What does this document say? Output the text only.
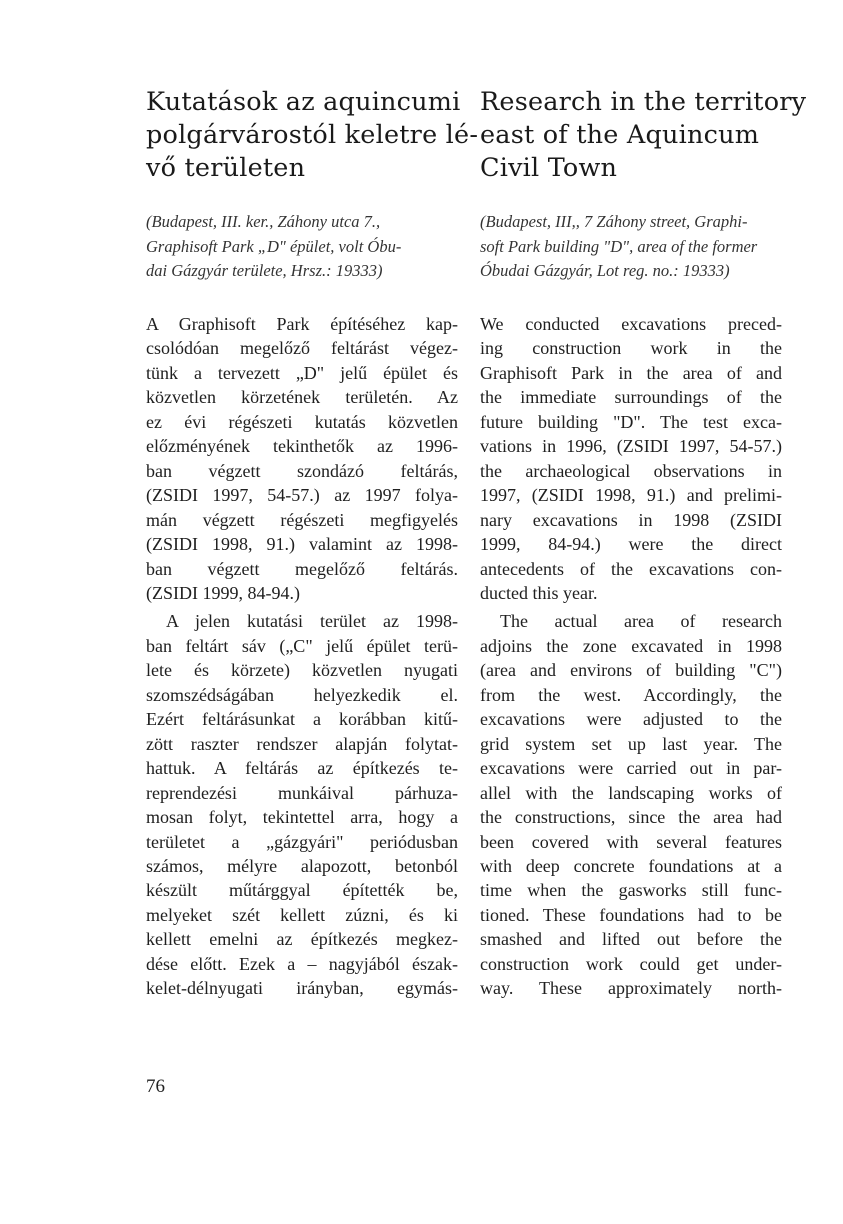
Kutatások az aquincumi
polgárvárostól keletre lé-
vő területen

(Budapest, III. ker., Záhony utca 7.,
Graphisoft Park „D" épület, volt Óbu-
dai Gázgyár területe, Hrsz.: 19333)

A Graphisoft Park építéséhez kap-
csolódóan megelőző feltárást végez-
tünk a tervezett „D" jelű épület és
közvetlen körzetének területén. Az
ez évi régészeti kutatás közvetlen
előzményének tekinthetők az 1996-
ban végzett szondázó feltárás,
(ZSIDI 1997, 54-57.) az 1997 folya-
mán végzett régészeti megfigyelés
(ZSIDI 1998, 91.) valamint az 1998-
ban végzett megelőző feltárás.
(ZSIDI 1999, 84-94.)
A jelen kutatási terület az 1998-
ban feltárt sáv („C" jelű épület terü-
lete és körzete) közvetlen nyugati
szomszédságában helyezkedik el.
Ezért feltárásunkat a korábban kitű-
zött raszter rendszer alapján folytat-
hattuk. A feltárás az építkezés te-
reprendezési munkáival párhuza-
mosan folyt, tekintettel arra, hogy a
területet a „gázgyári" periódusban
számos, mélyre alapozott, betonból
készült műtárggyal építették be,
melyeket szét kellett zúzni, és ki
kellett emelni az építkezés megkez-
dése előtt. Ezek a – nagyjából észak-
kelet-délnyugati irányban, egymás-
Research in the territory
east of the Aquincum
Civil Town

(Budapest, III,, 7 Záhony street, Graphi-
soft Park building "D", area of the former
Óbudai Gázgyár, Lot reg. no.: 19333)

We conducted excavations preced-
ing construction work in the
Graphisoft Park in the area of and
the immediate surroundings of the
future building "D". The test exca-
vations in 1996, (ZSIDI 1997, 54-57.)
the archaeological observations in
1997, (ZSIDI 1998, 91.) and prelimi-
nary excavations in 1998 (ZSIDI
1999, 84-94.) were the direct
antecedents of the excavations con-
ducted this year.
The actual area of research
adjoins the zone excavated in 1998
(area and environs of building "C")
from the west. Accordingly, the
excavations were adjusted to the
grid system set up last year. The
excavations were carried out in par-
allel with the landscaping works of
the constructions, since the area had
been covered with several features
with deep concrete foundations at a
time when the gasworks still func-
tioned. These foundations had to be
smashed and lifted out before the
construction work could get under-
way. These approximately north-

76
